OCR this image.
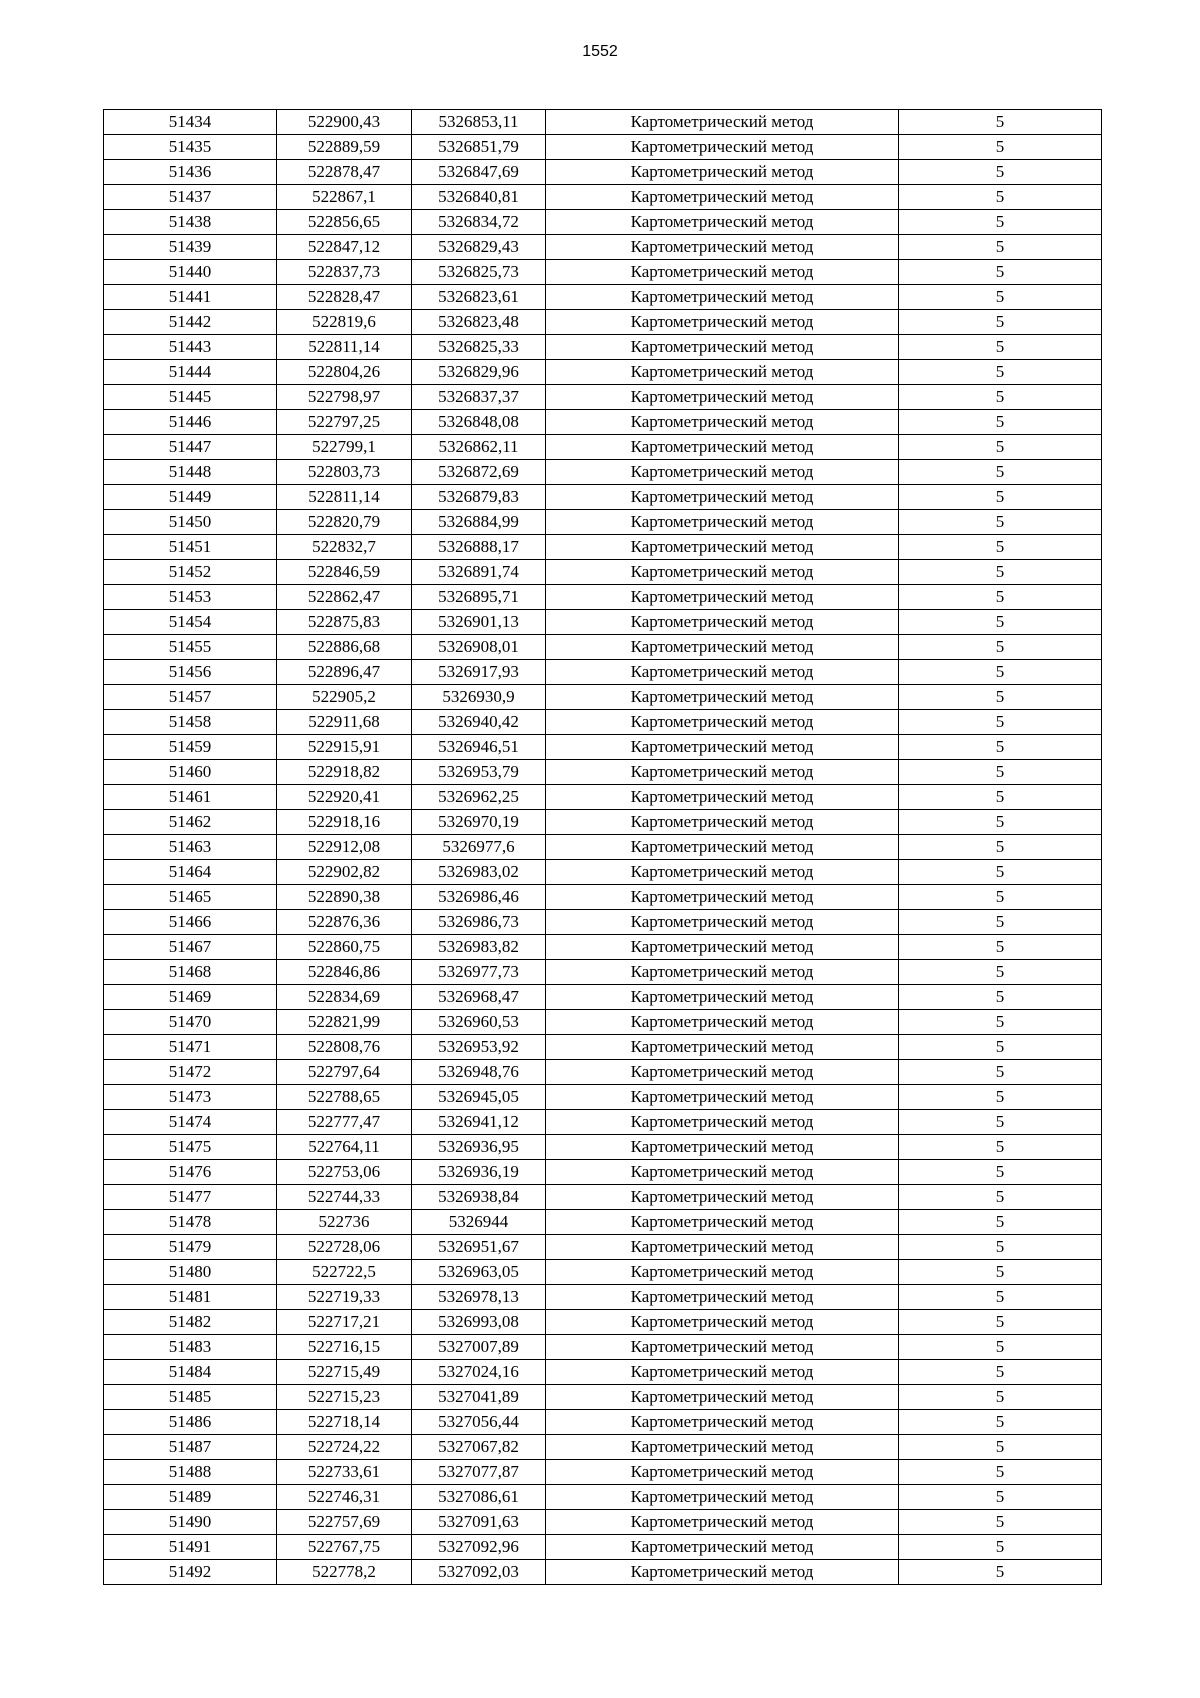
1552
51434	522900,43	5326853,11	Картометрический метод	5
51435	522889,59	5326851,79	Картометрический метод	5
51436	522878,47	5326847,69	Картометрический метод	5
51437	522867,1	5326840,81	Картометрический метод	5
51438	522856,65	5326834,72	Картометрический метод	5
51439	522847,12	5326829,43	Картометрический метод	5
51440	522837,73	5326825,73	Картометрический метод	5
51441	522828,47	5326823,61	Картометрический метод	5
51442	522819,6	5326823,48	Картометрический метод	5
51443	522811,14	5326825,33	Картометрический метод	5
51444	522804,26	5326829,96	Картометрический метод	5
51445	522798,97	5326837,37	Картометрический метод	5
51446	522797,25	5326848,08	Картометрический метод	5
51447	522799,1	5326862,11	Картометрический метод	5
51448	522803,73	5326872,69	Картометрический метод	5
51449	522811,14	5326879,83	Картометрический метод	5
51450	522820,79	5326884,99	Картометрический метод	5
51451	522832,7	5326888,17	Картометрический метод	5
51452	522846,59	5326891,74	Картометрический метод	5
51453	522862,47	5326895,71	Картометрический метод	5
51454	522875,83	5326901,13	Картометрический метод	5
51455	522886,68	5326908,01	Картометрический метод	5
51456	522896,47	5326917,93	Картометрический метод	5
51457	522905,2	5326930,9	Картометрический метод	5
51458	522911,68	5326940,42	Картометрический метод	5
51459	522915,91	5326946,51	Картометрический метод	5
51460	522918,82	5326953,79	Картометрический метод	5
51461	522920,41	5326962,25	Картометрический метод	5
51462	522918,16	5326970,19	Картометрический метод	5
51463	522912,08	5326977,6	Картометрический метод	5
51464	522902,82	5326983,02	Картометрический метод	5
51465	522890,38	5326986,46	Картометрический метод	5
51466	522876,36	5326986,73	Картометрический метод	5
51467	522860,75	5326983,82	Картометрический метод	5
51468	522846,86	5326977,73	Картометрический метод	5
51469	522834,69	5326968,47	Картометрический метод	5
51470	522821,99	5326960,53	Картометрический метод	5
51471	522808,76	5326953,92	Картометрический метод	5
51472	522797,64	5326948,76	Картометрический метод	5
51473	522788,65	5326945,05	Картометрический метод	5
51474	522777,47	5326941,12	Картометрический метод	5
51475	522764,11	5326936,95	Картометрический метод	5
51476	522753,06	5326936,19	Картометрический метод	5
51477	522744,33	5326938,84	Картометрический метод	5
51478	522736	5326944	Картометрический метод	5
51479	522728,06	5326951,67	Картометрический метод	5
51480	522722,5	5326963,05	Картометрический метод	5
51481	522719,33	5326978,13	Картометрический метод	5
51482	522717,21	5326993,08	Картометрический метод	5
51483	522716,15	5327007,89	Картометрический метод	5
51484	522715,49	5327024,16	Картометрический метод	5
51485	522715,23	5327041,89	Картометрический метод	5
51486	522718,14	5327056,44	Картометрический метод	5
51487	522724,22	5327067,82	Картометрический метод	5
51488	522733,61	5327077,87	Картометрический метод	5
51489	522746,31	5327086,61	Картометрический метод	5
51490	522757,69	5327091,63	Картометрический метод	5
51491	522767,75	5327092,96	Картометрический метод	5
51492	522778,2	5327092,03	Картометрический метод	5
